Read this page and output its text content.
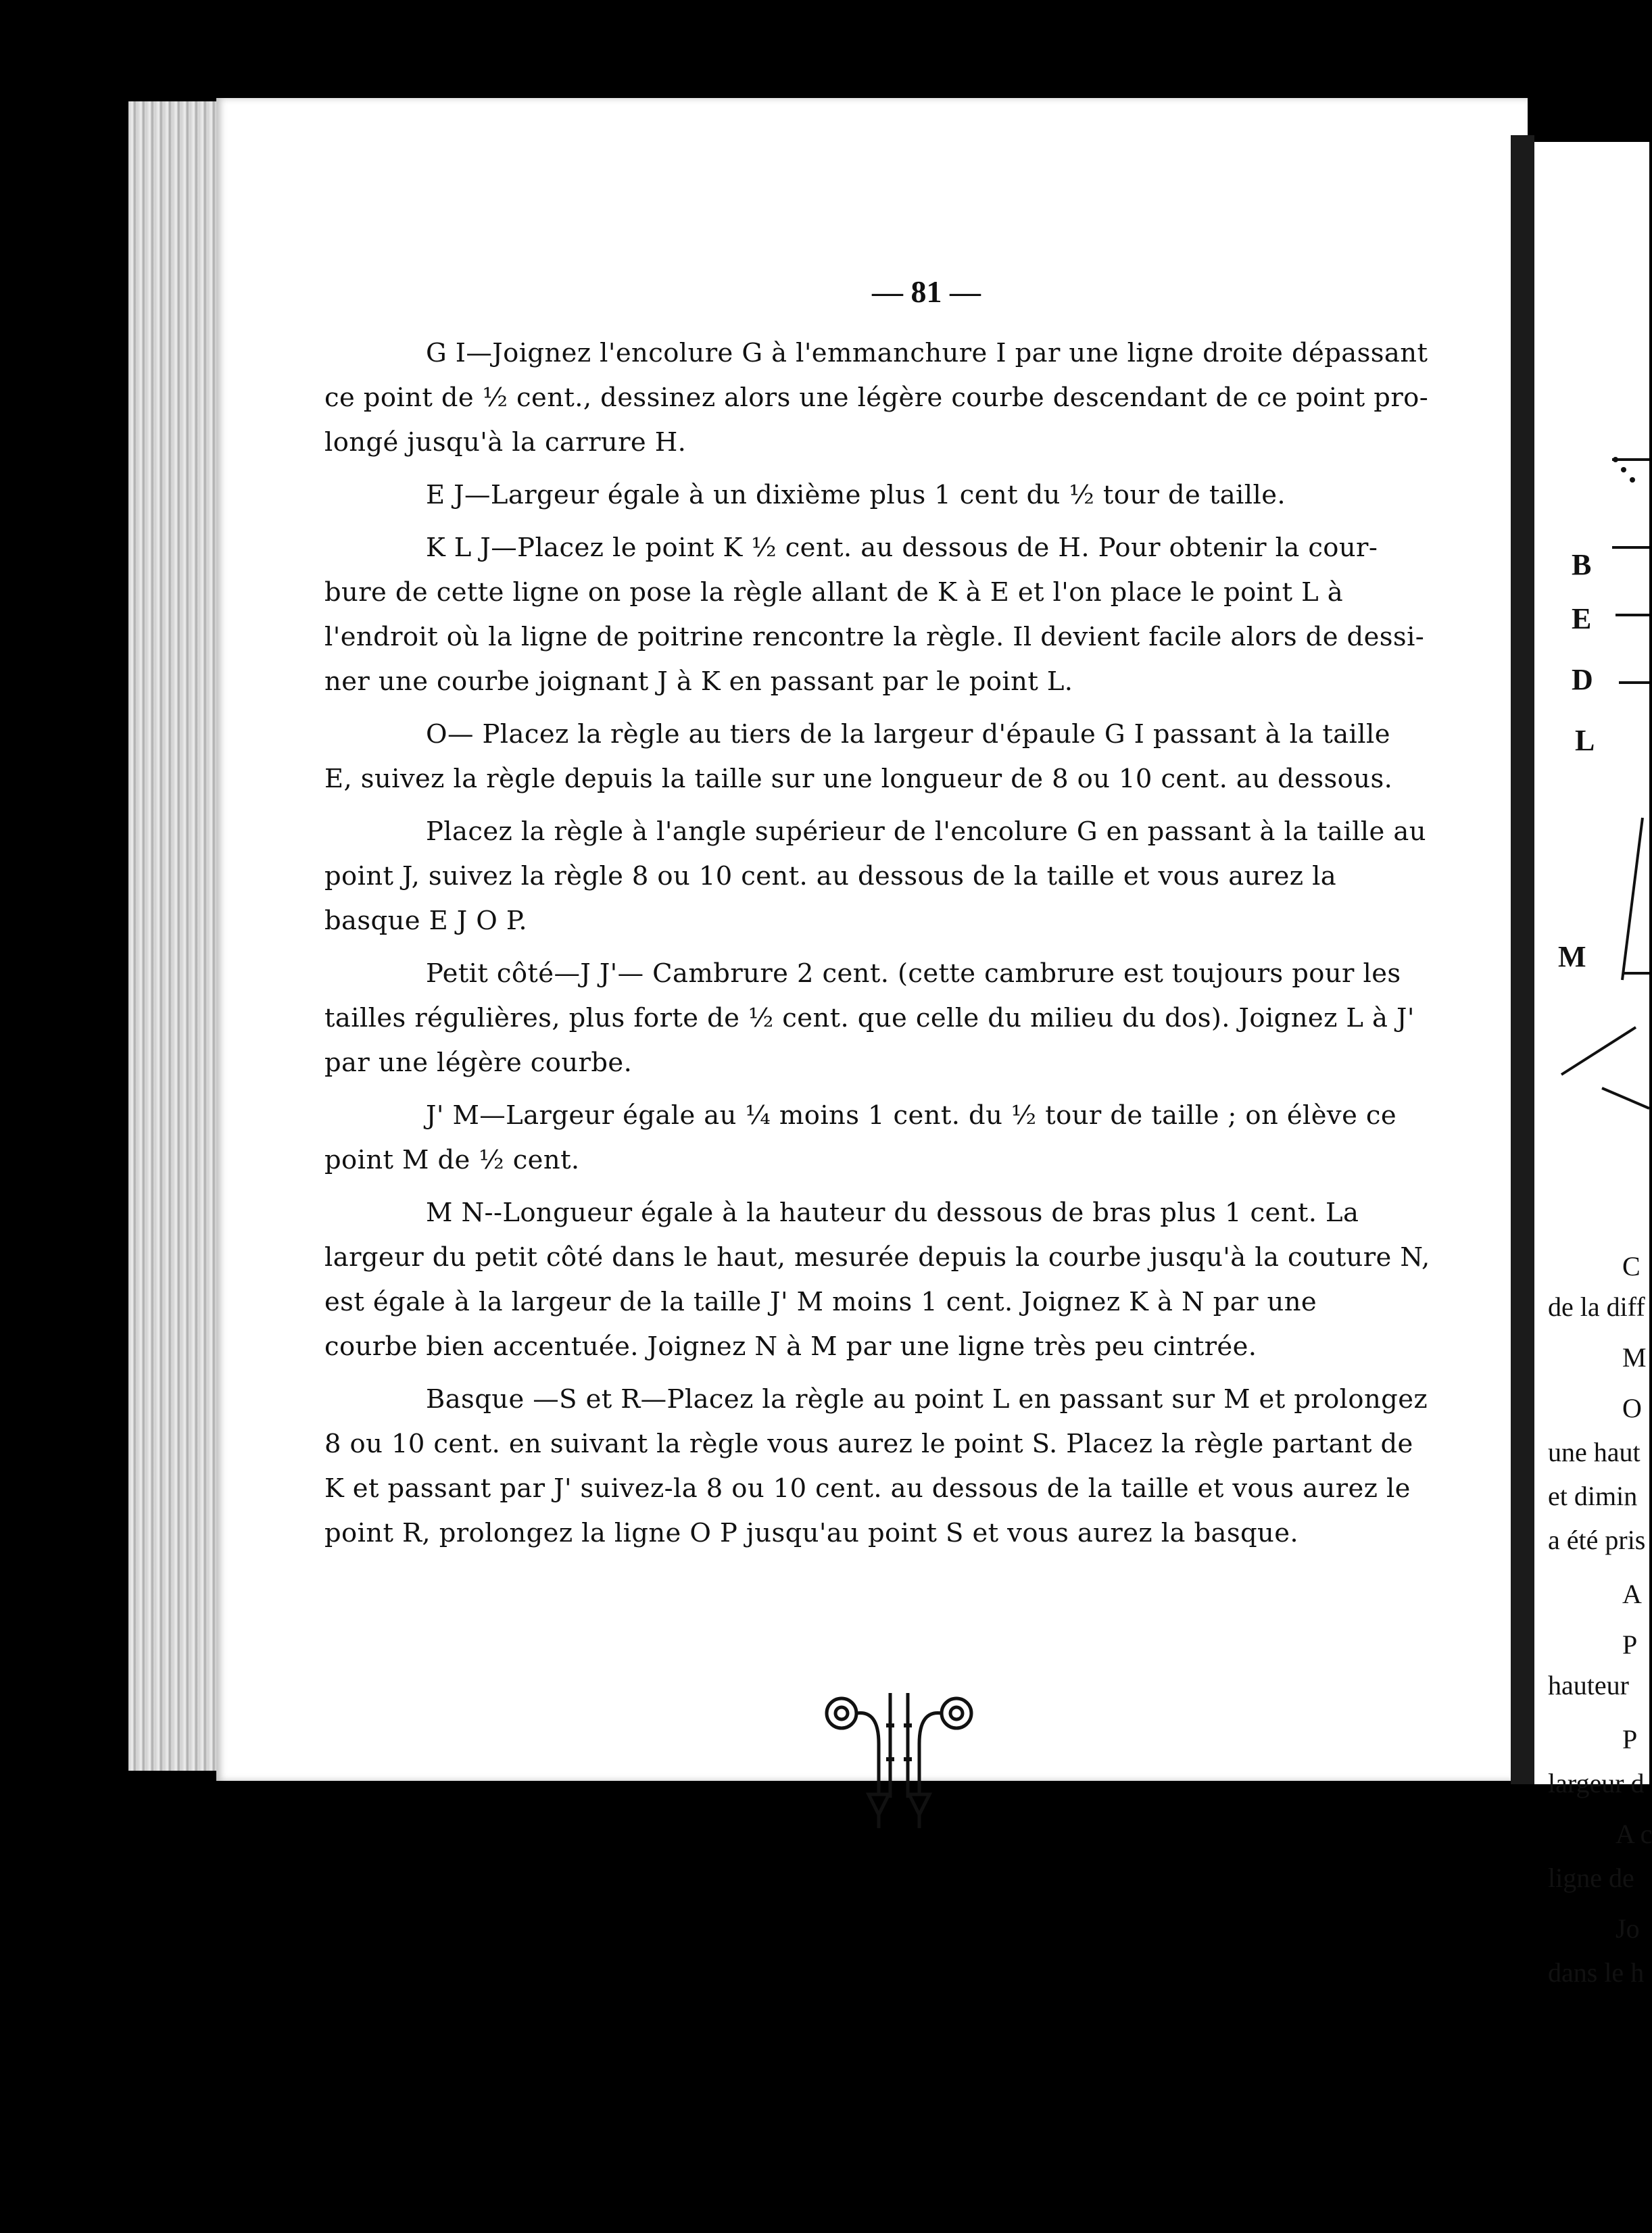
— 81 —
G I—Joignez l'encolure G à l'emmanchure I par une ligne droite dépassant
ce point de ½ cent., dessinez alors une légère courbe descendant de ce point pro-
longé jusqu'à la carrure H.
E J—Largeur égale à un dixième plus 1 cent du ½ tour de taille.
K L J—Placez le point K ½ cent. au dessous de H. Pour obtenir la cour-
bure de cette ligne on pose la règle allant de K à E et l'on place le point L à
l'endroit où la ligne de poitrine rencontre la règle. Il devient facile alors de dessi-
ner une courbe joignant J à K en passant par le point L.
O— Placez la règle au tiers de la largeur d'épaule G I passant à la taille
E, suivez la règle depuis la taille sur une longueur de 8 ou 10 cent. au dessous.
Placez la règle à l'angle supérieur de l'encolure G en passant à la taille au
point J, suivez la règle 8 ou 10 cent. au dessous de la taille et vous aurez la
basque E J O P.
Petit côté—J J'— Cambrure 2 cent. (cette cambrure est toujours pour les
tailles régulières, plus forte de ½ cent. que celle du milieu du dos). Joignez L à J'
par une légère courbe.
J' M—Largeur égale au ¼ moins 1 cent. du ½ tour de taille ; on élève ce
point M de ½ cent.
M N--Longueur égale à la hauteur du dessous de bras plus 1 cent. La
largeur du petit côté dans le haut, mesurée depuis la courbe jusqu'à la couture N,
est égale à la largeur de la taille J' M moins 1 cent. Joignez K à N par une
courbe bien accentuée. Joignez N à M par une ligne très peu cintrée.
Basque —S et R—Placez la règle au point L en passant sur M et prolongez
8 ou 10 cent. en suivant la règle vous aurez le point S. Placez la règle partant de
K et passant par J' suivez-la 8 ou 10 cent. au dessous de la taille et vous aurez le
point R, prolongez la ligne O P jusqu'au point S et vous aurez la basque.
B
E
D
L
M
C
de la diff
M
O
une haut
et dimin
a été pris
A
P
hauteur
P
largeur d
A c
ligne de
Jo
dans le h
